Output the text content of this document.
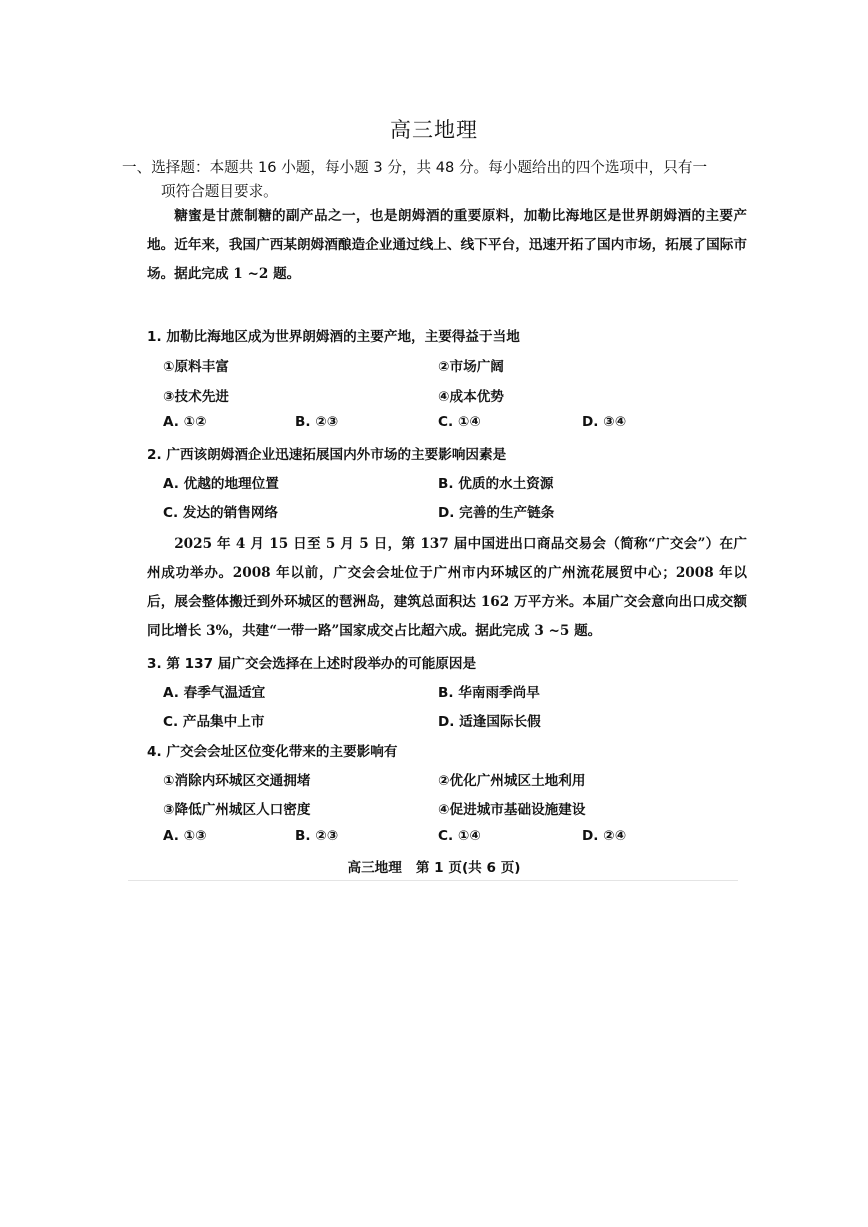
高三地理
一、选择题：本题共 16 小题，每小题 3 分，共 48 分。每小题给出的四个选项中，只有一
项符合题目要求。
糖蜜是甘蔗制糖的副产品之一，也是朗姆酒的重要原料，加勒比海地区是世界朗姆酒的主要产地。近年来，我国广西某朗姆酒酿造企业通过线上、线下平台，迅速开拓了国内市场，拓展了国际市场。据此完成 1 ~2 题。
1. 加勒比海地区成为世界朗姆酒的主要产地，主要得益于当地
①原料丰富	②市场广阔
③技术先进	④成本优势
A. ①②	B. ②③	C. ①④	D. ③④
2. 广西该朗姆酒企业迅速拓展国内外市场的主要影响因素是
A. 优越的地理位置	B. 优质的水土资源
C. 发达的销售网络	D. 完善的生产链条
2025 年 4 月 15 日至 5 月 5 日，第 137 届中国进出口商品交易会（简称“广交会”）在广州成功举办。2008 年以前，广交会会址位于广州市内环城区的广州流花展贸中心；2008 年以后，展会整体搬迁到外环城区的琶洲岛，建筑总面积达 162 万平方米。本届广交会意向出口成交额同比增长 3%，共建“一带一路”国家成交占比超六成。据此完成 3 ~5 题。
3. 第 137 届广交会选择在上述时段举办的可能原因是
A. 春季气温适宜	B. 华南雨季尚早
C. 产品集中上市	D. 适逢国际长假
4. 广交会会址区位变化带来的主要影响有
①消除内环城区交通拥堵	②优化广州城区土地利用
③降低广州城区人口密度	④促进城市基础设施建设
A. ①③	B. ②③	C. ①④	D. ②④
高三地理 第 1 页(共 6 页)
